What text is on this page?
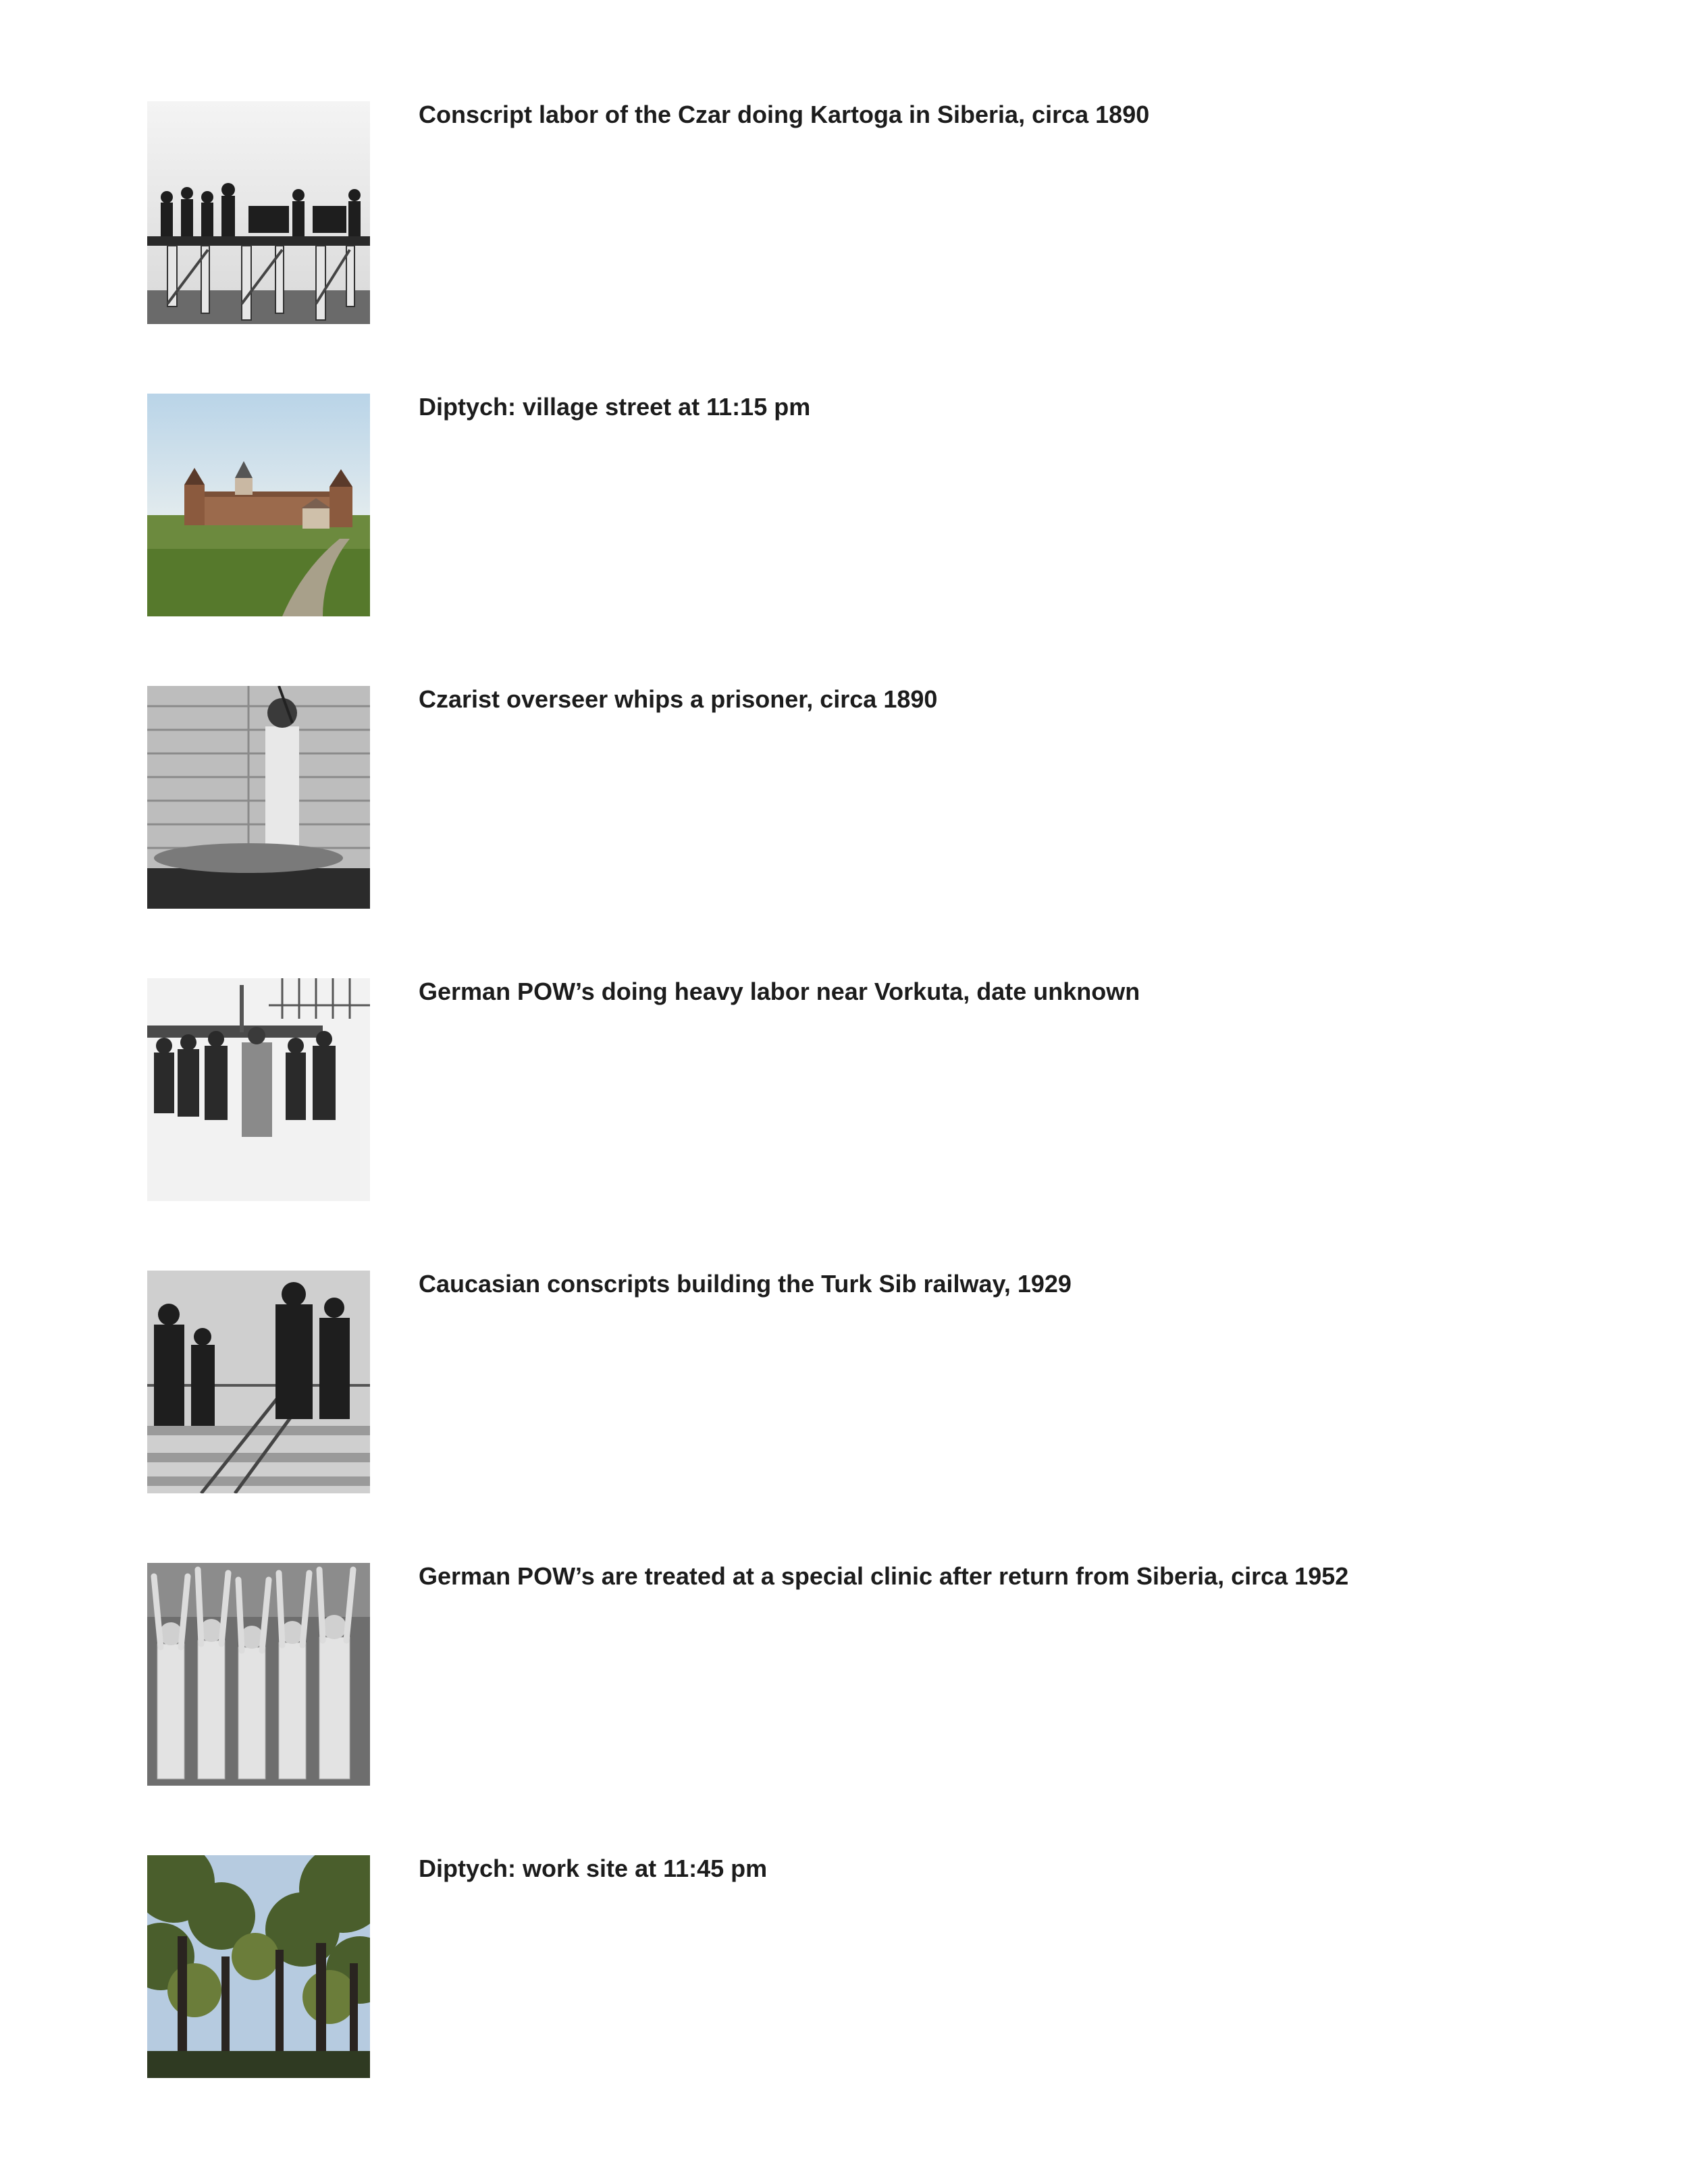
Conscript labor of the Czar doing Kartoga in Siberia, circa 1890

Diptych: village street at 11:15 pm

Czarist overseer whips a prisoner, circa 1890

German POW’s doing heavy labor near Vorkuta, date unknown

Caucasian conscripts building the Turk Sib railway, 1929

German POW’s are treated at a special clinic after return from Siberia, circa 1952

Diptych: work site at 11:45 pm
